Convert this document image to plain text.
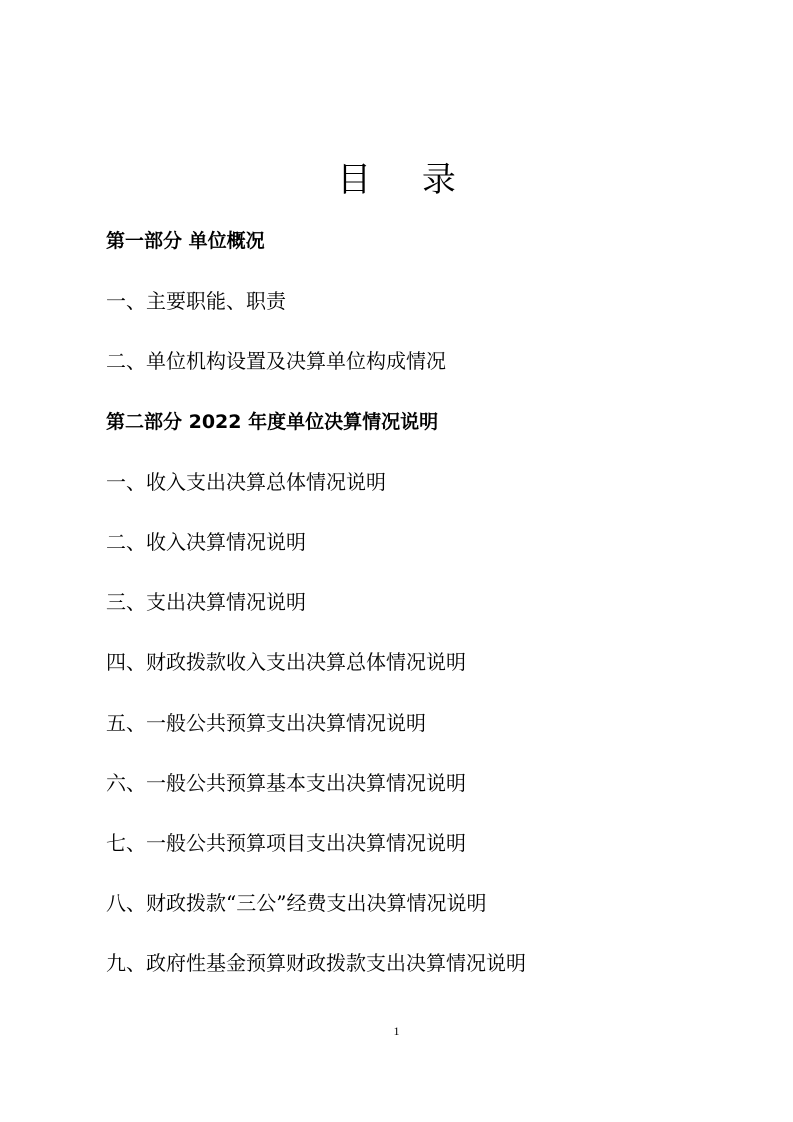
目 录
第一部分 单位概况
一、主要职能、职责
二、单位机构设置及决算单位构成情况
第二部分 2022 年度单位决算情况说明
一、收入支出决算总体情况说明
二、收入决算情况说明
三、支出决算情况说明
四、财政拨款收入支出决算总体情况说明
五、一般公共预算支出决算情况说明
六、一般公共预算基本支出决算情况说明
七、一般公共预算项目支出决算情况说明
八、财政拨款“三公”经费支出决算情况说明
九、政府性基金预算财政拨款支出决算情况说明
1
